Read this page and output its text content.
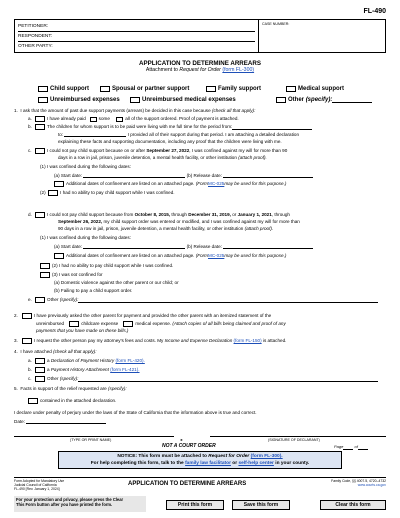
FL-490
PETITIONER:
RESPONDENT:
OTHER PARTY:
CASE NUMBER:
APPLICATION TO DETERMINE ARREARS
Attachment to Request for Order (form FL-300)
Child support	Spousal or partner support	Family support	Medical support
Unreimbursed expenses	Unreimbursed medical expenses	Other
(specify):
1. I ask that the amount of past due support payments (arrears) be decided in this case because (check all that apply):
a.	I have already paid
	some
	all
of the support ordered. Proof of payment is attached.
b.	The children for whom support is to be paid were living with me full time for the period from:
to:	I provided all of their support during that period. I am attaching a detailed declaration
explaining these facts and supporting documentation, including any proof that the children were living with me.
c.	I could not pay child support because on or after
September 27, 2022 , I was confined against my will for more than 90
days in a row in jail, prison, juvenile detention, a mental health facility, or other institution (attach proof).
(1) I was confined during the following dates:
(a) Start date:	(b) Release date:
Additional dates of confinement are listed on an attached page.
(Form MC-025 may be used for this purpose.)
(2)	I had no ability to pay child support while I was confined.
d.	I could not pay child support because from
October 8, 2015,
through
December 31, 2019,
or
January 1, 2021 , through
September 26, 2022, my child support order was entered or modified, and I was confined against my will for more than
90 days in a row in jail, prison, juvenile detention, a mental health facility, or other institution (attach proof).
(1) I was confined during the following dates:
(a) Start date:	(b) Release date:
Additional dates of confinement are listed on an attached page.
(Form MC-025 may be used for this purpose.)
(2) I had no ability to pay child support while I was confined.
(3) I was
not
confined for
(a) Domestic violence against the other parent or our child; or
(b) Failing to pay a child support order.
e.	Other
(specify):
2.	I have previously asked the other parent for payment and provided the other parent with an itemized statement of the
unreimbursed
	childcare expense
	medical expense.
(Attach copies of all bills being claimed and proof of any
payments that you have made on these bills.)
3.	I request the other person pay my attorney's fees and costs. My
Income and Expense Declaration
(form FL-150)
is attached.
4. I have attached (check all that apply):
a.	a
Declaration of Payment History
(form FL-420).
b.	a
Payment History Attachment
(form FL-421).
c.	Other
(specify):
5. Facts in support of the relief requested are (specify):
contained in the attached declaration.
I declare under penalty of perjury under the laws of the State of California that the information above is true and correct.
Date:
(TYPE OR PRINT NAME)	(SIGNATURE OF DECLARANT)
►
NOT A COURT ORDER	Page	of
NOTICE: This form must be attached to Request for Order (form FL-300).
For help completing this form, talk to the family law facilitator or self-help center in your county.
Form Adopted for Mandatory Use
Judicial Council of California
FL-490 [Rev. January 1, 2024]
APPLICATION TO DETERMINE ARREARS	Family Code, §§ 4007.5, 4720–4732
www.courts.ca.gov
For your protection and privacy, please press the Clear
This Form button after you have printed the form.	Print this form	Save this form	Clear this form
